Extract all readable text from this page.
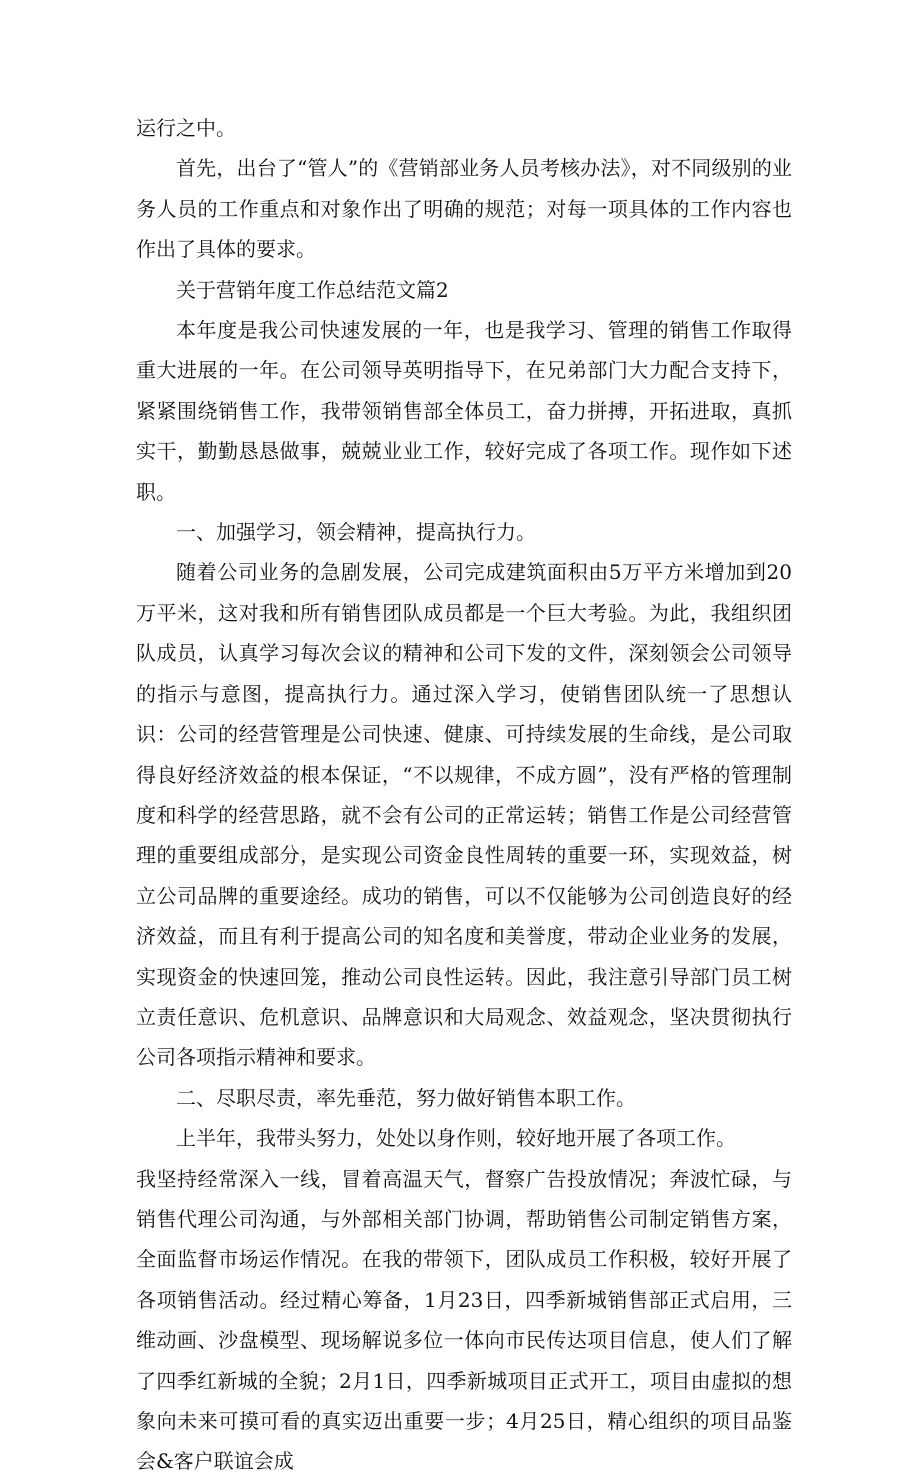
运行之中。

首先，出台了“管人”的《营销部业务人员考核办法》，对不同级别的业务人员的工作重点和对象作出了明确的规范；对每一项具体的工作内容也作出了具体的要求。

关于营销年度工作总结范文篇2

本年度是我公司快速发展的一年，也是我学习、管理的销售工作取得重大进展的一年。在公司领导英明指导下，在兄弟部门大力配合支持下，紧紧围绕销售工作，我带领销售部全体员工，奋力拼搏，开拓进取，真抓实干，勤勤恳恳做事，兢兢业业工作，较好完成了各项工作。现作如下述职。

一、加强学习，领会精神，提高执行力。

随着公司业务的急剧发展，公司完成建筑面积由5万平方米增加到20万平米，这对我和所有销售团队成员都是一个巨大考验。为此，我组织团队成员，认真学习每次会议的精神和公司下发的文件，深刻领会公司领导的指示与意图，提高执行力。通过深入学习，使销售团队统一了思想认识：公司的经营管理是公司快速、健康、可持续发展的生命线，是公司取得良好经济效益的根本保证，“不以规律，不成方圆”，没有严格的管理制度和科学的经营思路，就不会有公司的正常运转；销售工作是公司经营管理的重要组成部分，是实现公司资金良性周转的重要一环，实现效益，树立公司品牌的重要途经。成功的销售，可以不仅能够为公司创造良好的经济效益，而且有利于提高公司的知名度和美誉度，带动企业业务的发展，实现资金的快速回笼，推动公司良性运转。因此，我注意引导部门员工树立责任意识、危机意识、品牌意识和大局观念、效益观念，坚决贯彻执行公司各项指示精神和要求。

二、尽职尽责，率先垂范，努力做好销售本职工作。

上半年，我带头努力，处处以身作则，较好地开展了各项工作。

我坚持经常深入一线，冒着高温天气，督察广告投放情况；奔波忙碌，与销售代理公司沟通，与外部相关部门协调，帮助销售公司制定销售方案，全面监督市场运作情况。在我的带领下，团队成员工作积极，较好开展了各项销售活动。经过精心筹备，1月23日，四季新城销售部正式启用，三维动画、沙盘模型、现场解说多位一体向市民传达项目信息，使人们了解了四季红新城的全貌；2月1日，四季新城项目正式开工，项目由虚拟的想象向未来可摸可看的真实迈出重要一步；4月25日，精心组织的项目品鉴会&客户联谊会成
